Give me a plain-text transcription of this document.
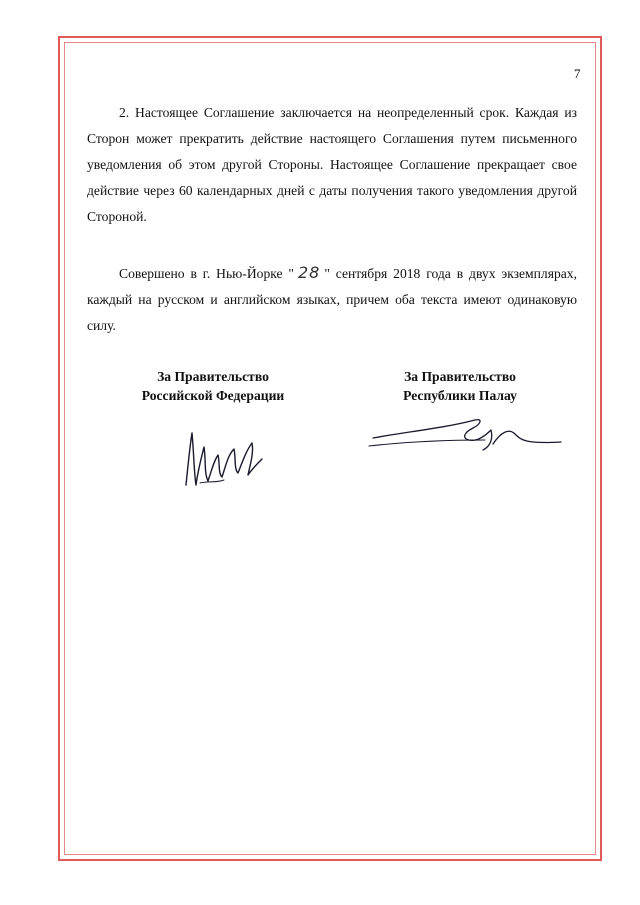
7

2. Настоящее Соглашение заключается на неопределенный срок. Каждая из Сторон может прекратить действие настоящего Соглашения путем письменного уведомления об этом другой Стороны. Настоящее Соглашение прекращает свое действие через 60 календарных дней с даты получения такого уведомления другой Стороной.

Совершено в г. Нью-Йорке " 28 " сентября 2018 года в двух экземплярах, каждый на русском и английском языках, причем оба текста имеют одинаковую силу.

За Правительство
Российской Федерации
За Правительство
Республики Палау
